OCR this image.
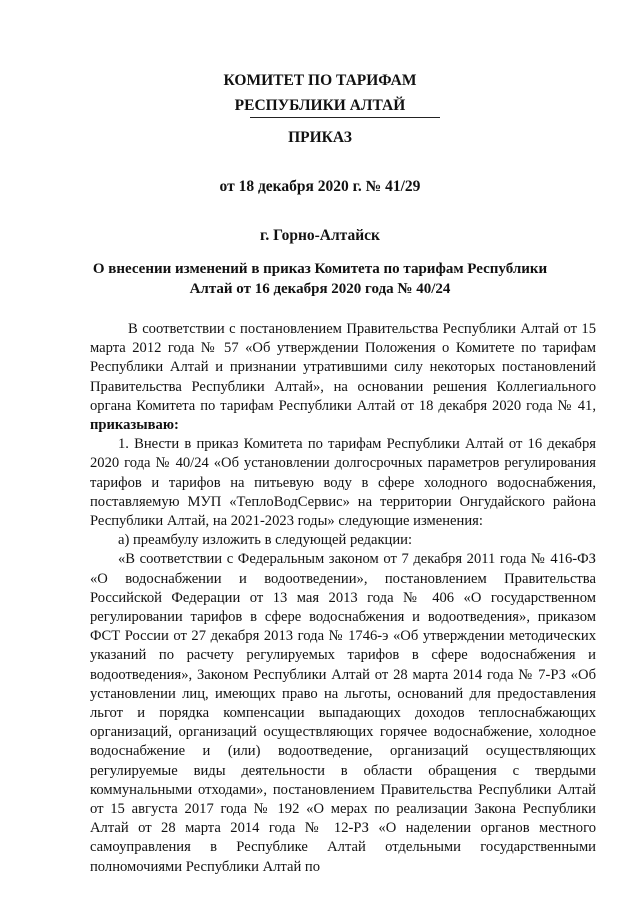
КОМИТЕТ ПО ТАРИФАМ
РЕСПУБЛИКИ АЛТАЙ
ПРИКАЗ
от 18 декабря 2020 г. № 41/29
г. Горно-Алтайск
О внесении изменений в приказ Комитета по тарифам Республики
Алтай от 16 декабря 2020 года № 40/24

В соответствии с постановлением Правительства Республики Алтай от 15 марта 2012 года № 57 «Об утверждении Положения о Комитете по тарифам Республики Алтай и признании утратившими силу некоторых постановлений Правительства Республики Алтай», на основании решения Коллегиального органа Комитета по тарифам Республики Алтай от 18 декабря 2020 года № 41, приказываю:

1. Внести в приказ Комитета по тарифам Республики Алтай от 16 декабря 2020 года № 40/24 «Об установлении долгосрочных параметров регулирования тарифов и тарифов на питьевую воду в сфере холодного водоснабжения, поставляемую МУП «ТеплоВодСервис» на территории Онгудайского района Республики Алтай, на 2021-2023 годы» следующие изменения:

а) преамбулу изложить в следующей редакции:

«В соответствии с Федеральным законом от 7 декабря 2011 года № 416-ФЗ «О водоснабжении и водоотведении», постановлением Правительства Российской Федерации от 13 мая 2013 года № 406 «О государственном регулировании тарифов в сфере водоснабжения и водоотведения», приказом ФСТ России от 27 декабря 2013 года № 1746-э «Об утверждении методических указаний по расчету регулируемых тарифов в сфере водоснабжения и водоотведения», Законом Республики Алтай от 28 марта 2014 года № 7-РЗ «Об установлении лиц, имеющих право на льготы, оснований для предоставления льгот и порядка компенсации выпадающих доходов теплоснабжающих организаций, организаций осуществляющих горячее водоснабжение, холодное водоснабжение и (или) водоотведение, организаций осуществляющих регулируемые виды деятельности в области обращения с твердыми коммунальными отходами», постановлением Правительства Республики Алтай от 15 августа 2017 года № 192 «О мерах по реализации Закона Республики Алтай от 28 марта 2014 года № 12-РЗ «О наделении органов местного самоуправления в Республике Алтай отдельными государственными полномочиями Республики Алтай по
